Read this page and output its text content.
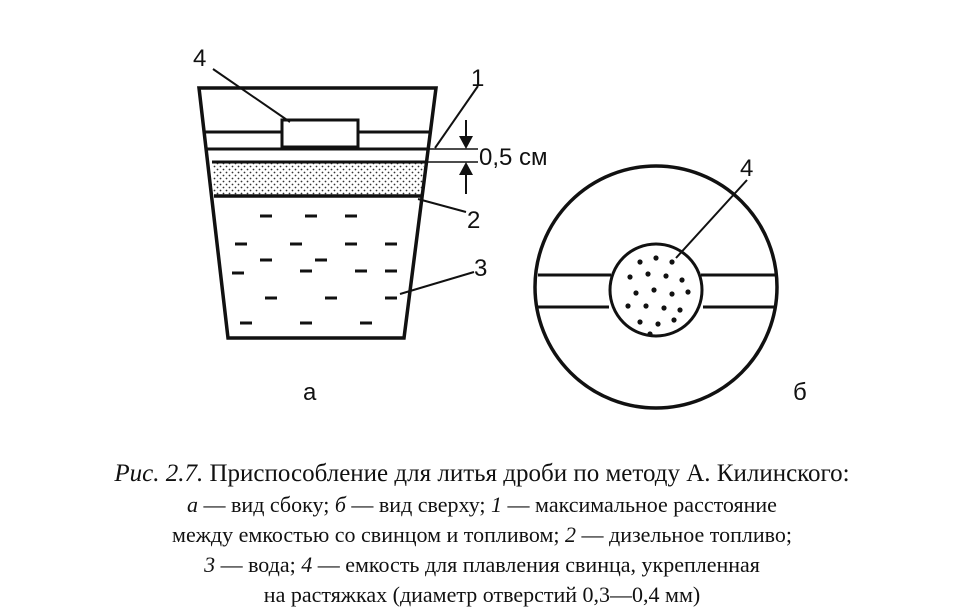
4
1
2
3
0,5 см
а
4
б
Рис. 2.7. Приспособление для литья дроби по методу А. Килинского:
а — вид сбоку; б — вид сверху; 1 — максимальное расстояние
между емкостью со свинцом и топливом; 2 — дизельное топливо;
3 — вода; 4 — емкость для плавления свинца, укрепленная
на растяжках (диаметр отверстий 0,3—0,4 мм)
